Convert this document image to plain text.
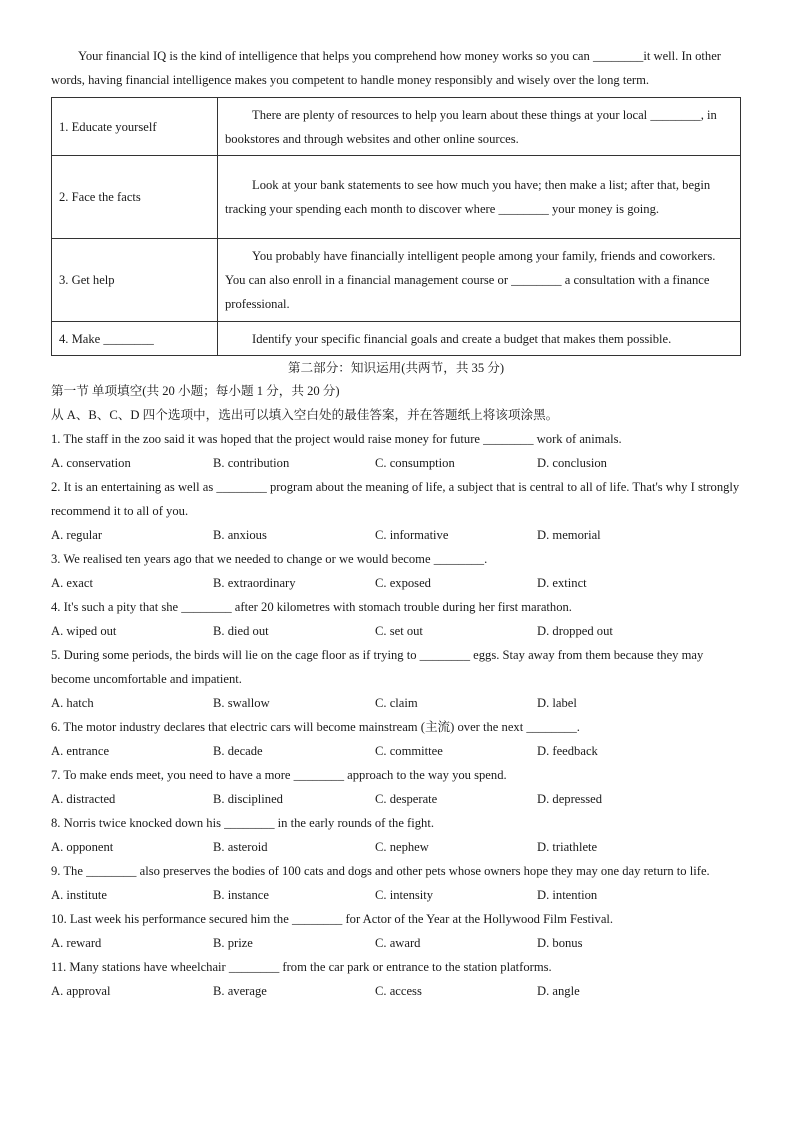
Your financial IQ is the kind of intelligence that helps you comprehend how money works so you can ________it well. In other words, having financial intelligence makes you competent to handle money responsibly and wisely over the long term.

1. Educate yourself	There are plenty of resources to help you learn about these things at your local ________, in bookstores and through websites and other online sources.

2. Face the facts	Look at your bank statements to see how much you have; then make a list; after that, begin tracking your spending each month to discover where ________ your money is going.

3. Get help	You probably have financially intelligent people among your family, friends and coworkers. You can also enroll in a financial management course or ________ a consultation with a finance professional.

4. Make ________	Identify your specific financial goals and create a budget that makes them possible.
第二部分：知识运用(共两节，共 35 分)

第一节 单项填空(共 20 小题；每小题 1 分，共 20 分)

从 A、B、C、D 四个选项中，选出可以填入空白处的最佳答案，并在答题纸上将该项涂黑。

1. The staff in the zoo said it was hoped that the project would raise money for future ________ work of animals.

A. conservation	B. contribution	C. consumption	D. conclusion

2. It is an entertaining as well as ________ program about the meaning of life, a subject that is central to all of life. That's why I strongly recommend it to all of you.

A. regular	B. anxious	C. informative	D. memorial

3. We realised ten years ago that we needed to change or we would become ________.

A. exact	B. extraordinary	C. exposed	D. extinct

4. It's such a pity that she ________ after 20 kilometres with stomach trouble during her first marathon.

A. wiped out	B. died out	C. set out	D. dropped out

5. During some periods, the birds will lie on the cage floor as if trying to ________ eggs. Stay away from them because they may become uncomfortable and impatient.

A. hatch	B. swallow	C. claim	D. label

6. The motor industry declares that electric cars will become mainstream (主流) over the next ________.

A. entrance	B. decade	C. committee	D. feedback

7. To make ends meet, you need to have a more ________ approach to the way you spend.

A. distracted	B. disciplined	C. desperate	D. depressed

8. Norris twice knocked down his ________ in the early rounds of the fight.

A. opponent	B. asteroid	C. nephew	D. triathlete

9. The ________ also preserves the bodies of 100 cats and dogs and other pets whose owners hope they may one day return to life.

A. institute	B. instance	C. intensity	D. intention

10. Last week his performance secured him the ________ for Actor of the Year at the Hollywood Film Festival.

A. reward	B. prize	C. award	D. bonus

11. Many stations have wheelchair ________ from the car park or entrance to the station platforms.

A. approval	B. average	C. access	D. angle
